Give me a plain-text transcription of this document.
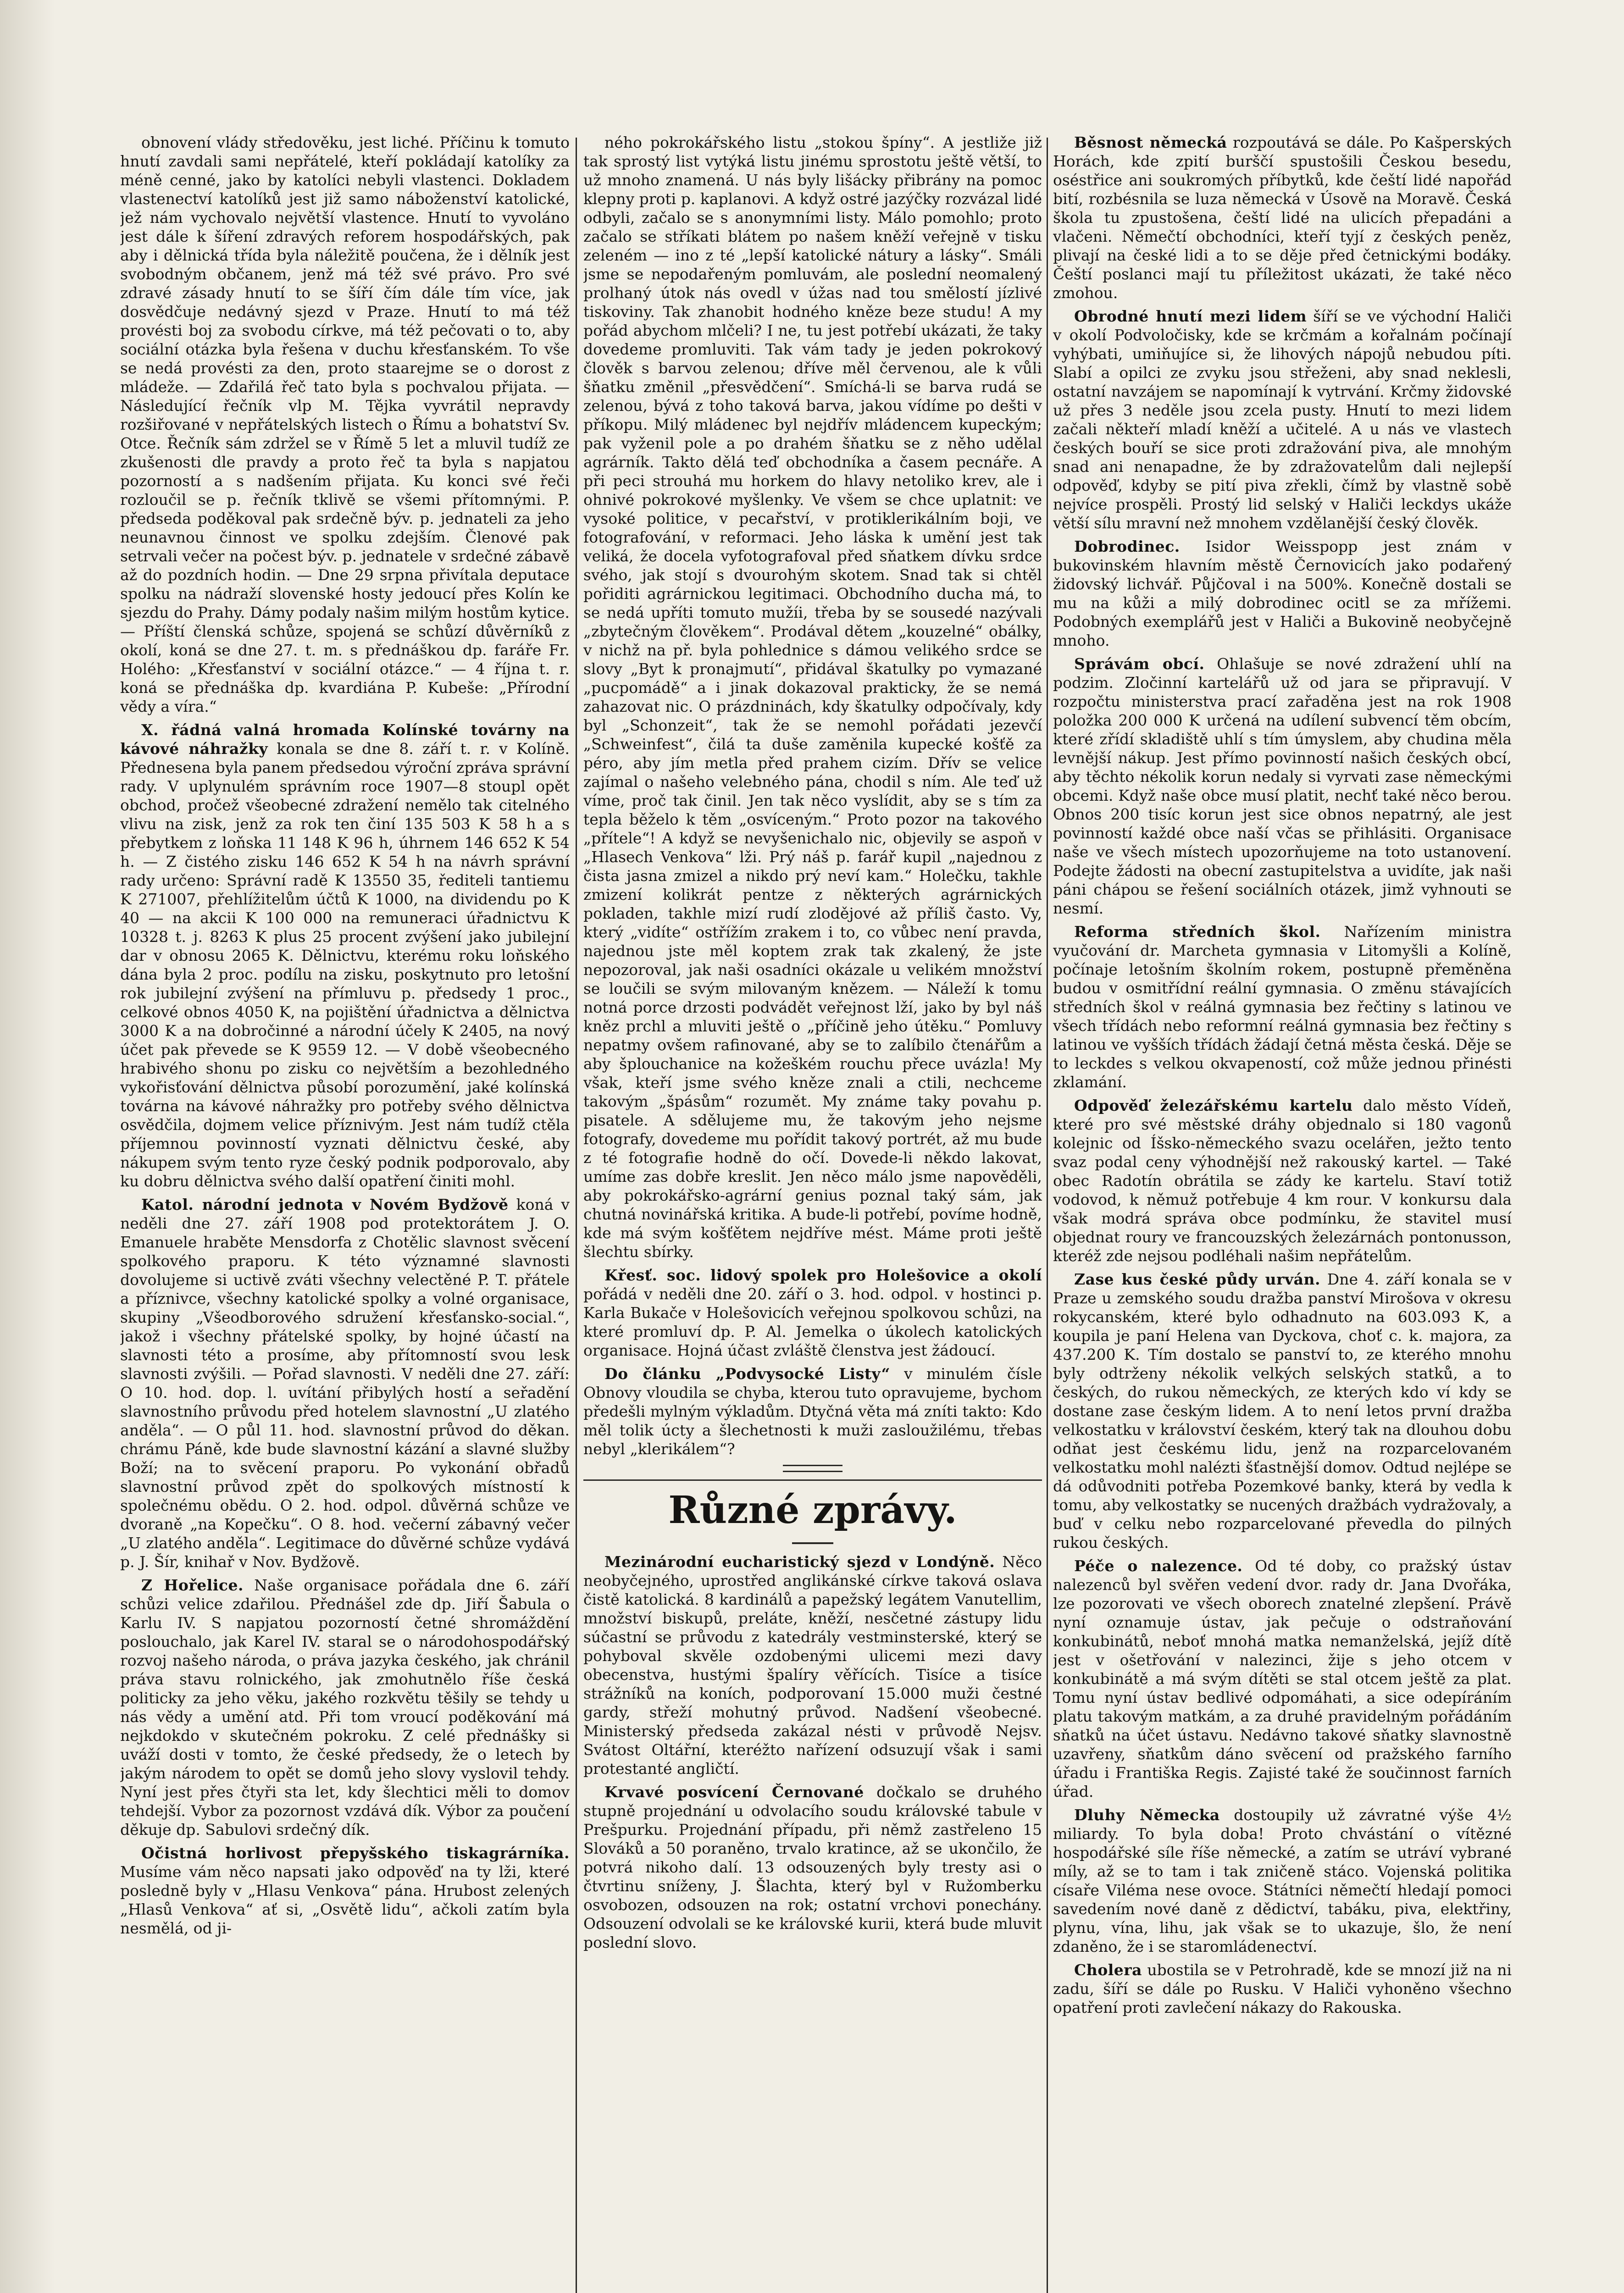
obnovení vlády středověku, jest liché. Příčinu k tomuto hnutí zavdali sami nepřátelé, kteří pokládají katolíky za méně cenné, jako by katolíci nebyli vlastenci. Dokladem vlastenectví katolíků jest již samo náboženství katolické, jež nám vychovalo největší vlastence. Hnutí to vyvoláno jest dále k šíření zdravých reforem hospodářských, pak aby i dělnická třída byla náležitě poučena, že i dělník jest svobodným občanem, jenž má též své právo. Pro své zdravé zásady hnutí to se šíří čím dále tím více, jak dosvědčuje nedávný sjezd v Praze. Hnutí to má též provésti boj za svobodu církve, má též pečovati o to, aby sociální otázka byla řešena v duchu křesťanském. To vše se nedá provésti za den, proto staarejme se o dorost z mládeže. — Zdařilá řeč tato byla s pochvalou přijata. — Následující řečník vlp M. Tějka vyvrátil nepravdy rozšiřované v nepřátelských listech o Římu a bohatství Sv. Otce. Řečník sám zdržel se v Římě 5 let a mluvil tudíž ze zkušenosti dle pravdy a proto řeč ta byla s napjatou pozorností a s nadšením přijata. Ku konci své řeči rozloučil se p. řečník tklivě se všemi přítomnými. P. předseda poděkoval pak srdečně býv. p. jednateli za jeho neunavnou činnost ve spolku zdejším. Členové pak setrvali večer na počest býv. p. jednatele v srdečné zábavě až do pozdních hodin. — Dne 29 srpna přivítala deputace spolku na nádraží slovenské hosty jedoucí přes Kolín ke sjezdu do Prahy. Dámy podaly našim milým hostům kytice. — Příští členská schůze, spojená se schůzí důvěrníků z okolí, koná se dne 27. t. m. s přednáškou dp. faráře Fr. Holého: „Křesťanství v sociální otázce.“ — 4 října t. r. koná se přednáška dp. kvardiána P. Kubeše: „Přírodní vědy a víra.“

X. řádná valná hromada Kolínské továrny na kávové náhražky konala se dne 8. září t. r. v Kolíně. Přednesena byla panem předsedou výroční zpráva správní rady. V uplynulém správním roce 1907—8 stoupl opět obchod, pročež všeobecné zdražení nemělo tak citelného vlivu na zisk, jenž za rok ten činí 135 503 K 58 h a s přebytkem z loňska 11 148 K 96 h, úhrnem 146 652 K 54 h. — Z čistého zisku 146 652 K 54 h na návrh správní rady určeno: Správní radě K 13550 35, řediteli tantiemu K 271007, přehlížitelům účtů K 1000, na dividendu po K 40 — na akcii K 100 000 na remuneraci úřadnictvu K 10328 t. j. 8263 K plus 25 procent zvýšení jako jubilejní dar v obnosu 2065 K. Dělnictvu, kterému roku loňského dána byla 2 proc. podílu na zisku, poskytnuto pro letošní rok jubilejní zvýšení na přímluvu p. předsedy 1 proc., celkové obnos 4050 K, na pojištění úřadnictva a dělnictva 3000 K a na dobročinné a národní účely K 2405, na nový účet pak převede se K 9559 12. — V době všeobecného hrabivého shonu po zisku co největším a bezohledného vykořisťování dělnictva působí porozumění, jaké kolínská továrna na kávové náhražky pro potřeby svého dělnictva osvědčila, dojmem velice příznivým. Jest nám tudíž ctěla příjemnou povinností vyznati dělnictvu české, aby nákupem svým tento ryze český podnik podporovalo, aby ku dobru dělnictva svého další opatření činiti mohl.

Katol. národní jednota v Novém Bydžově koná v neděli dne 27. září 1908 pod protektorátem J. O. Emanuele hraběte Mensdorfa z Chotělic slavnost svěcení spolkového praporu. K této významné slavnosti dovolujeme si uctivě zváti všechny velectěné P. T. přátele a příznivce, všechny katolické spolky a volné organisace, skupiny „Všeodborového sdružení křesťansko-social.“, jakož i všechny přátelské spolky, by hojné účastí na slavnosti této a prosíme, aby přítomností svou lesk slavnosti zvýšili. — Pořad slavnosti. V neděli dne 27. září: O 10. hod. dop. l. uvítání přibylých hostí a seřadění slavnostního průvodu před hotelem slavnostní „U zlatého anděla“. — O půl 11. hod. slavnostní průvod do děkan. chrámu Páně, kde bude slavnostní kázání a slavné služby Boží; na to svěcení praporu. Po vykonání obřadů slavnostní průvod zpět do spolkových místností k společnému obědu. O 2. hod. odpol. důvěrná schůze ve dvoraně „na Kopečku“. O 8. hod. večerní zábavný večer „U zlatého anděla“. Legitimace do důvěrné schůze vydává p. J. Šír, knihař v Nov. Bydžově.

Z Hořelice. Naše organisace pořádala dne 6. září schůzi velice zdařilou. Přednášel zde dp. Jiří Šabula o Karlu IV. S napjatou pozorností četné shromáždění poslouchalo, jak Karel IV. staral se o národohospodářský rozvoj našeho národa, o práva jazyka českého, jak chránil práva stavu rolnického, jak zmohutnělo říše česká politicky za jeho věku, jakého rozkvětu těšily se tehdy u nás vědy a umění atd. Při tom vroucí poděkování má nejkdokdo v skutečném pokroku. Z celé přednášky si uváží dosti v tomto, že české předsedy, že o letech by jakým národem to opět se domů jeho slovy vyslovil tehdy. Nyní jest přes čtyři sta let, kdy šlechtici měli to domov tehdejší. Vybor za pozornost vzdává dík. Výbor za poučení děkuje dp. Sabulovi srdečný dík.

Očistná horlivost přepyšského tiskagrárníka. Musíme vám něco napsati jako odpověď na ty lži, které posledně byly v „Hlasu Venkova“ pána. Hrubost zelených „Hlasů Venkova“ ať si, „Osvětě lidu“, ačkoli zatím byla nesmělá, od ji-

ného pokrokářského listu „stokou špíny“. A jestliže již tak sprostý list vytýká listu jinému sprostotu ještě větší, to už mnoho znamená. U nás byly lišácky přibrány na pomoc klepny proti p. kaplanovi. A když ostré jazýčky rozvázal lidé odbyli, začalo se s anonymními listy. Málo pomohlo; proto začalo se stříkati blátem po našem kněží veřejně v tisku zeleném — ino z té „lepší katolické nátury a lásky“. Smáli jsme se nepodařeným pomluvám, ale poslední neomalený prolhaný útok nás ovedl v úžas nad tou smělostí jízlivé tiskoviny. Tak zhanobit hodného kněze beze studu! A my pořád abychom mlčeli? I ne, tu jest potřebí ukázati, že taky dovedeme promluviti. Tak vám tady je jeden pokrokový člověk s barvou zelenou; dříve měl červenou, ale k vůli šňatku změnil „přesvědčení“. Smíchá-li se barva rudá se zelenou, bývá z toho taková barva, jakou vídíme po dešti v příkopu. Milý mládenec byl nejdřív mládencem kupeckým; pak vyženil pole a po drahém šňatku se z něho udělal agrárník. Takto dělá teď obchodníka a časem pecnáře. A při peci strouhá mu horkem do hlavy netoliko krev, ale i ohnivé pokrokové myšlenky. Ve všem se chce uplatnit: ve vysoké politice, v pecařství, v protiklerikálním boji, ve fotografování, v reformaci. Jeho láska k umění jest tak veliká, že docela vyfotografoval před sňatkem dívku srdce svého, jak stojí s dvourohým skotem. Snad tak si chtěl pořiditi agrárnickou legitimaci. Obchodního ducha má, to se nedá upříti tomuto mužíi, třeba by se sousedé nazývali „zbytečným člověkem“. Prodával dětem „kouzelné“ obálky, v nichž na př. byla pohlednice s dámou velikého srdce se slovy „Byt k pronajmutí“, přidával škatulky po vymazané „pucpomádě“ a i jinak dokazoval prakticky, že se nemá zahazovat nic. O prázdninách, kdy škatulky odpočívaly, kdy byl „Schonzeit“, tak že se nemohl pořádati jezevčí „Schweinfest“, čilá ta duše zaměnila kupecké košťě za péro, aby jím metla před prahem cizím. Dřív se velice zajímal o našeho velebného pána, chodil s ním. Ale teď už víme, proč tak činil. Jen tak něco vyslídit, aby se s tím za tepla běželo k těm „osvíceným.“ Proto pozor na takového „přítele“! A když se nevyšenichalo nic, objevily se aspoň v „Hlasech Venkova“ lži. Prý náš p. farář kupil „najednou z čista jasna zmizel a nikdo prý neví kam.“ Holečku, takhle zmizení kolikrát pentze z některých agrárnických pokladen, takhle mizí rudí zlodějové až příliš často. Vy, který „vidíte“ ostřížím zrakem i to, co vůbec není pravda, najednou jste měl koptem zrak tak zkalený, že jste nepozoroval, jak naši osadníci okázale u velikém množství se loučili se svým milovaným knězem. — Náleží k tomu notná porce drzosti podvádět veřejnost lží, jako by byl náš kněz prchl a mluviti ještě o „příčině jeho útěku.“ Pomluvy nepatmy ovšem rafinované, aby se to zalíbilo čtenářům a aby šplouchanice na kožeškém rouchu přece uvázla! My však, kteří jsme svého kněze znali a ctili, nechceme takovým „špásům“ rozumět. My známe taky povahu p. pisatele. A sdělujeme mu, že takovým jeho nejsme fotografy, dovedeme mu pořídit takový portrét, až mu bude z té fotografie hodně do očí. Dovede-li někdo lakovat, umíme zas dobře kreslit. Jen něco málo jsme napověděli, aby pokrokářsko-agrární genius poznal taký sám, jak chutná novinářská kritika. A bude-li potřebí, povíme hodně, kde má svým košťětem nejdříve mést. Máme proti ještě šlechtu sbírky.

Křesť. soc. lidový spolek pro Holešovice a okolí pořádá v neděli dne 20. září o 3. hod. odpol. v hostinci p. Karla Bukače v Holešovicích veřejnou spolkovou schůzi, na které promluví dp. P. Al. Jemelka o úkolech katolických organisace. Hojná účast zvláště členstva jest žádoucí.

Do článku „Podvysocké Listy“ v minulém čísle Obnovy vloudila se chyba, kterou tuto opravujeme, bychom předešli mylným výkladům. Dtyčná věta má zníti takto: Kdo měl tolik úcty a šlechetnosti k muži zasloužilému, třebas nebyl „klerikálem“?

Různé zprávy.

Mezinárodní eucharistický sjezd v Londýně. Něco neobyčejného, uprostřed anglikánské církve taková oslava čistě katolická. 8 kardinálů a papežský legátem Vanutellim, množství biskupů, preláte, kněží, nesčetné zástupy lidu súčastní se průvodu z katedrály vestminsterské, který se pohyboval skvěle ozdobenými ulicemi mezi davy obecenstva, hustými špalíry věřících. Tisíce a tisíce strážníků na koních, podporovaní 15.000 muži čestné gardy, střeží mohutný průvod. Nadšení všeobecné. Ministerský předseda zakázal nésti v průvodě Nejsv. Svátost Oltářní, kteréžto nařízení odsuzují však i sami protestanté angličtí.

Krvavé posvícení Černované dočkalo se druhého stupně projednání u odvolacího soudu královské tabule v Prešpurku. Projednání případu, při němž zastřeleno 15 Slováků a 50 poraněno, trvalo kratince, až se ukončilo, že potvrá nikoho dalí. 13 odsouzených byly tresty asi o čtvrtinu sníženy, J. Šlachta, který byl v Ružomberku osvobozen, odsouzen na rok; ostatní vrchovi ponechány. Odsouzení odvolali se ke královské kurii, která bude mluvit poslední slovo.

Běsnost německá rozpoutává se dále. Po Kašperských Horách, kde zpití burščí spustošili Českou besedu, oséstřice ani soukromých příbytků, kde čeští lidé napořád bití, rozbésnila se luza německá v Úsově na Moravě. Česká škola tu zpustošena, čeští lidé na ulicích přepadáni a vlačeni. Němečtí obchodníci, kteří tyjí z českých peněz, plivají na české lidi a to se děje před četnickými bodáky. Čeští poslanci mají tu příležitost ukázati, že také něco zmohou.

Obrodné hnutí mezi lidem šíří se ve východní Haliči v okolí Podvoločisky, kde se krčmám a kořalnám počínají vyhýbati, umiňujíce si, že lihových nápojů nebudou píti. Slabí a opilci ze zvyku jsou střeženi, aby snad neklesli, ostatní navzájem se napomínají k vytrvání. Krčmy židovské už přes 3 neděle jsou zcela pusty. Hnutí to mezi lidem začali někteří mladí kněží a učitelé. A u nás ve vlastech českých bouří se sice proti zdražování piva, ale mnohým snad ani nenapadne, že by zdražovatelům dali nejlepší odpověď, kdyby se pití piva zřekli, čímž by vlastně sobě nejvíce prospěli. Prostý lid selský v Haliči leckdys ukáže větší sílu mravní než mnohem vzdělanější český člověk.

Dobrodinec. Isidor Weisspopp jest znám v bukovinském hlavním městě Černovicích jako podařený židovský lichvář. Půjčoval i na 500%. Konečně dostali se mu na kůži a milý dobrodinec ocitl se za mřížemi. Podobných exemplářů jest v Haliči a Bukovině neobyčejně mnoho.

Správám obcí. Ohlašuje se nové zdražení uhlí na podzim. Zločinní kartelářů už od jara se připravují. V rozpočtu ministerstva prací zařaděna jest na rok 1908 položka 200 000 K určená na udílení subvencí těm obcím, které zřídí skladiště uhlí s tím úmyslem, aby chudina měla levnější nákup. Jest přímo povinností našich českých obcí, aby těchto nékolik korun nedaly si vyrvati zase německými obcemi. Když naše obce musí platit, nechť také něco berou. Obnos 200 tisíc korun jest sice obnos nepatrný, ale jest povinností každé obce naší včas se přihlásiti. Organisace naše ve všech místech upozorňujeme na toto ustanovení. Podejte žádosti na obecní zastupitelstva a uvidíte, jak naši páni chápou se řešení sociálních otázek, jimž vyhnouti se nesmí.

Reforma středních škol. Nařízením ministra vyučování dr. Marcheta gymnasia v Litomyšli a Kolíně, počínaje letošním školním rokem, postupně přeměněna budou v osmitřídní reální gymnasia. O změnu stávajících středních škol v reálná gymnasia bez řečtiny s latinou ve všech třídách nebo reformní reálná gymnasia bez řečtiny s latinou ve vyšších třídách žádají četná města česká. Děje se to leckdes s velkou okvapeností, což může jednou přinésti zklamání.

Odpověď železářskému kartelu dalo město Vídeň, které pro své městské dráhy objednalo si 180 vagonů kolejnic od Íšsko-německého svazu ocelářen, ježto tento svaz podal ceny výhodnější než rakouský kartel. — Také obec Radotín obrátila se zády ke kartelu. Staví totiž vodovod, k němuž potřebuje 4 km rour. V konkursu dala však modrá správa obce podmínku, že stavitel musí objednat roury ve francouzských železárnách pontonusson, kteréž zde nejsou podléhali našim nepřátelům.

Zase kus české půdy urván. Dne 4. září konala se v Praze u zemského soudu dražba panství Mirošova v okresu rokycanském, které bylo odhadnuto na 603.093 K, a koupila je paní Helena van Dyckova, choť c. k. majora, za 437.200 K. Tím dostalo se panství to, ze kterého mnohu byly odtrženy nékolik velkých selských statků, a to českých, do rukou německých, ze kterých kdo ví kdy se dostane zase českým lidem. A to není letos první dražba velkostatku v království českém, který tak na dlouhou dobu odňat jest českému lidu, jenž na rozparcelovaném velkostatku mohl nalézti šťastnější domov. Odtud nejlépe se dá odůvodniti potřeba Pozemkové banky, která by vedla k tomu, aby velkostatky se nucených dražbách vydražovaly, a buď v celku nebo rozparcelované převedla do pilných rukou českých.

Péče o nalezence. Od té doby, co pražský ústav nalezenců byl svěřen vedení dvor. rady dr. Jana Dvořáka, lze pozorovati ve všech oborech znatelné zlepšení. Právě nyní oznamuje ústav, jak pečuje o odstraňování konkubinátů, neboť mnohá matka nemanželská, jejíž dítě jest v ošetřování v nalezinci, žije s jeho otcem v konkubinátě a má svým dítěti se stal otcem ještě za plat. Tomu nyní ústav bedlivé odpomáhati, a sice odepíráním platu takovým matkám, a za druhé pravidelným pořádáním sňatků na účet ústavu. Nedávno takové sňatky slavnostně uzavřeny, sňatkům dáno svěcení od pražského farního úřadu i Františka Regis. Zajisté také že součinnost farních úřad.

Dluhy Německa dostoupily už závratné výše 4½ miliardy. To byla doba! Proto chvástání o vítězné hospodářské síle říše německé, a zatím se utráví vybrané míly, až se to tam i tak zničeně stáco. Vojenská politika císaře Viléma nese ovoce. Státníci němečtí hledají pomoci savedením nové daně z dědictví, tabáku, piva, elektřiny, plynu, vína, lihu, jak však se to ukazuje, šlo, že není zdaněno, že i se staromládenectví.

Cholera ubostila se v Petrohradě, kde se mnozí již na ni zadu, šíří se dále po Rusku. V Haliči vyhoněno všechno opatření proti zavlečení nákazy do Rakouska.
